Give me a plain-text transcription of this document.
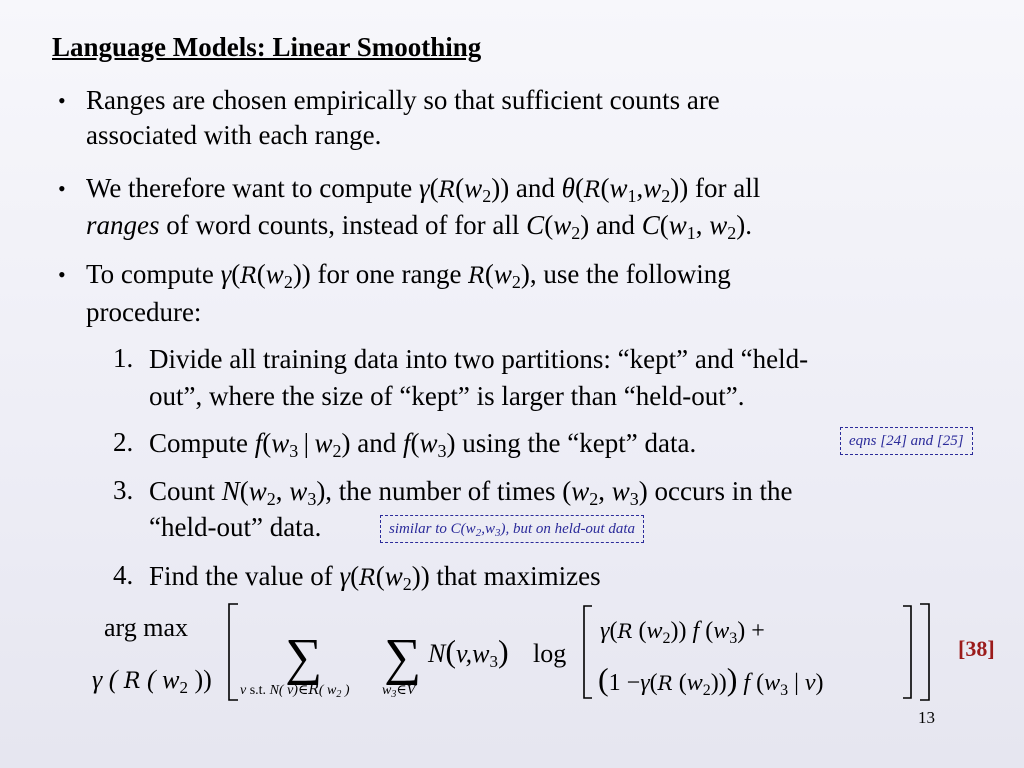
Language Models: Linear Smoothing
• Ranges are chosen empirically so that sufficient counts are
associated with each range.
• We therefore want to compute $\gamma(R(w_2))$ and $\theta(R(w_1,w_2))$ for all
ranges of word counts, instead of for all $C(w_2)$ and $C(w_1$, $w_2$).
• To compute $\gamma(R(w_2))$ for one range $R(w_2)$, use the following
procedure:
1. Divide all training data into two partitions: “kept” and “held-
out”, where the size of “kept” is larger than “held-out”.
2. Compute $f(w_3$ | $w_2$) and $f(w_3)$ using the “kept” data.	eqns [24] and [25]
3. Count $N(w_2$, $w_3$), the number of times ($w_2$, $w_3$) occurs in the
“held-out” data.	similar to $C(w_2,w_3)$, but on held-out data
4. Find the value of $\gamma(R(w_2))$ that maximizes
arg max
γ ( R ( w2 )) ∑
v s.t. N( v)∈R( $w_2$ )
∑
$w_3\in V$
N(v,w3) log
γ(R $(w_2)$) f $(w_3)$ +
(1 −γ(R $(w_2)$)) f ($w_3$ | v)
[38]
13
